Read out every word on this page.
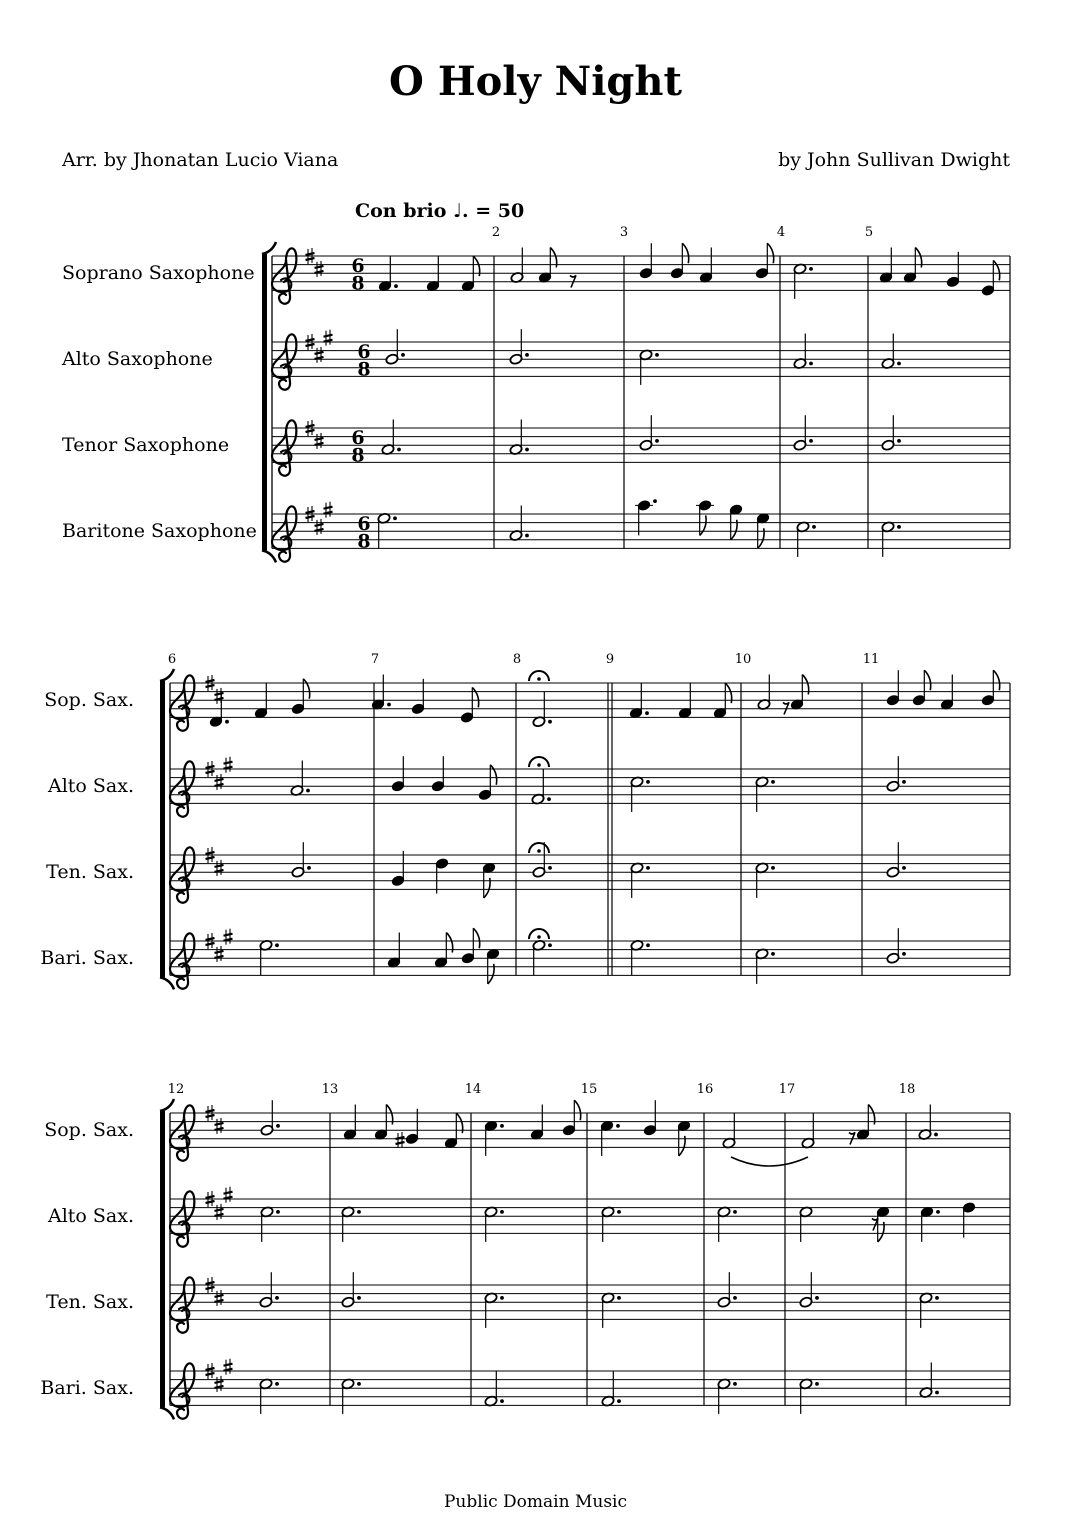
O Holy Night
Arr. by Jhonatan Lucio Viana	by John Sullivan Dwight
Con brio ♩. = 50
Public Domain Music
Soprano Saxophone	6
8
Alto Saxophone	6
8
Tenor Saxophone	6
8
Baritone Saxophone	6
8
2	3	4	5
Sop. Sax.
Alto Sax.
Ten. Sax.
Bari. Sax.
6	7	8	9	10	11
Sop. Sax.
Alto Sax.
Ten. Sax.
Bari. Sax.
12	13	14	15	16	17	18
